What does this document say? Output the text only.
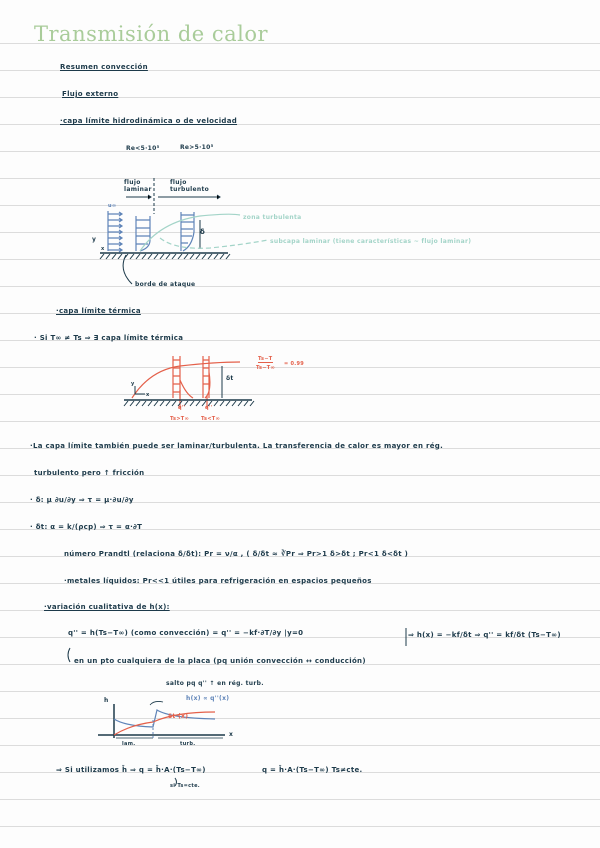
Transmisión de calor
Resumen convección
Flujo externo
·capa límite hidrodinámica o de velocidad
Re<5·10⁵	Re>5·10⁵
flujo laminar
flujo turbulento
u∞
δ
y
x
zona turbulenta
subcapa laminar (tiene características ~ flujo laminar)
borde de ataque
·capa límite térmica
· Si T∞ ≠ Ts ⇒ ∃ capa límite térmica
Ts−T
Ts−T∞
= 0.99
δt
y
x
q''
Ts>T∞
q''
Ts<T∞
·La capa límite también puede ser laminar/turbulenta. La transferencia de calor es mayor en rég.
turbulento pero ↑ fricción
· δ: μ ∂u/∂y ⇒ τ = μ·∂u/∂y
· δt: α = k/(ρcp) ⇒ τ = α·∂T
número Prandtl (relaciona δ/δt): Pr = ν/α , ( δ/δt ≈ ∛Pr ⇒ Pr>1 δ>δt ; Pr<1 δ<δt )
·metales líquidos: Pr<<1 útiles para refrigeración en espacios pequeños
·variación cualitativa de h(x):
q'' = h(Ts−T∞) (como convección) = q'' = −kf·∂T/∂y |y=0	⇒ h(x) = −kf/δt ⇒ q'' = kf/δt (Ts−T∞)
en un pto cualquiera de la placa (pq unión convección ↔ conducción)
salto pq q'' ↑ en rég. turb.
h(x) ∝ q''(x)
δt (x)
h
x
lam.	turb.
⇒ Si utilizamos h̄ ⇒ q = h̄·A·(Ts−T∞)
si Ts=cte.
q = h̄·A·(Ts−T∞) Ts≠cte.
